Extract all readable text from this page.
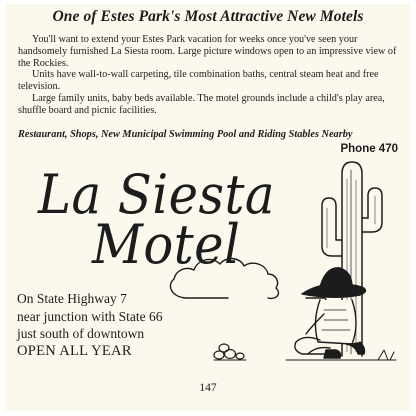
One of Estes Park's Most Attractive New Motels

You'll want to extend your Estes Park vacation for weeks once you've seen your handsomely furnished La Siesta room. Large picture windows open to an impressive view of the Rockies.

Units have wall-to-wall carpeting, tile combination baths, central steam heat and free television.

Large family units, baby beds available. The motel grounds include a child's play area, shuffle board and picnic facilities.

Restaurant, Shops, New Municipal Swimming Pool and Riding Stables Nearby
Phone 470
La Siesta
Motel
On State Highway 7
near junction with State 66
just south of downtown
OPEN ALL YEAR
147
